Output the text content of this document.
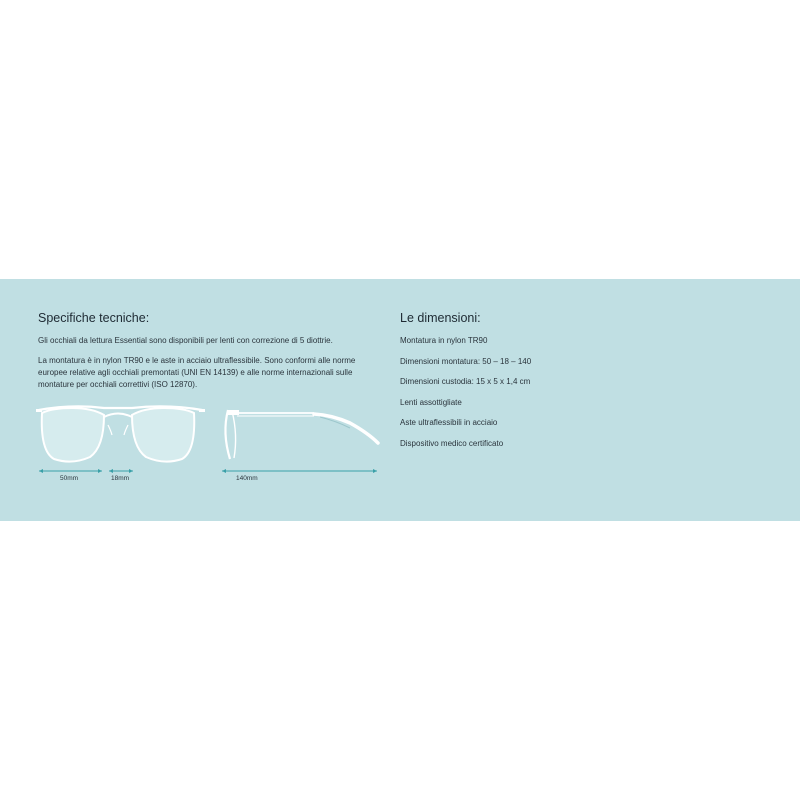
Specifiche tecniche:

Gli occhiali da lettura Essential sono disponibili per lenti con correzione di 5 diottrie.

La montatura è in nylon TR90 e le aste in acciaio ultraflessibile. Sono conformi alle norme europee relative agli occhiali premontati (UNI EN 14139) e alle norme internazionali sulle montature per occhiali correttivi (ISO 12870).

50mm	18mm	140mm
Le dimensioni:
Montatura in nylon TR90
Dimensioni montatura: 50 – 18 – 140
Dimensioni custodia: 15 x 5 x 1,4 cm
Lenti assottigliate
Aste ultraflessibili in acciaio
Dispositivo medico certificato
